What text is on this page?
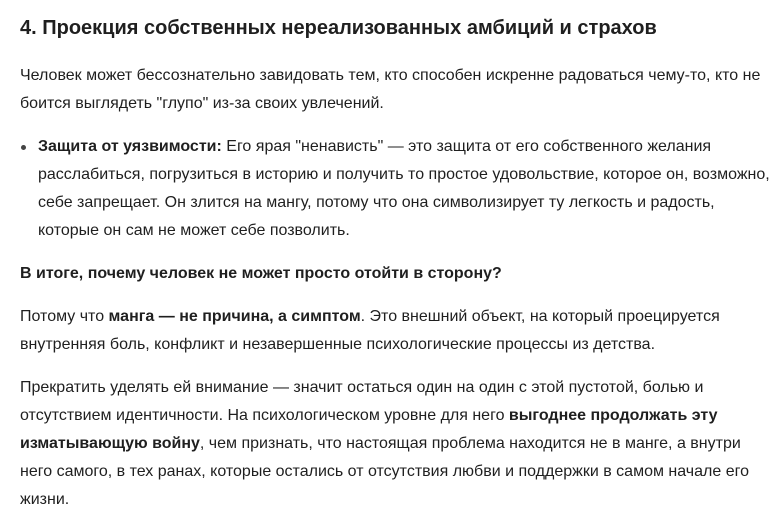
4. Проекция собственных нереализованных амбиций и страхов

Человек может бессознательно завидовать тем, кто способен искренне радоваться чему-то, кто не боится выглядеть "глупо" из-за своих увлечений.

Защита от уязвимости: Его ярая "ненависть" — это защита от его собственного желания расслабиться, погрузиться в историю и получить то простое удовольствие, которое он, возможно, себе запрещает. Он злится на мангу, потому что она символизирует ту легкость и радость, которые он сам не может себе позволить.

В итоге, почему человек не может просто отойти в сторону?

Потому что манга — не причина, а симптом. Это внешний объект, на который проецируется внутренняя боль, конфликт и незавершенные психологические процессы из детства.

Прекратить уделять ей внимание — значит остаться один на один с этой пустотой, болью и отсутствием идентичности. На психологическом уровне для него выгоднее продолжать эту изматывающую войну, чем признать, что настоящая проблема находится не в манге, а внутри него самого, в тех ранах, которые остались от отсутствия любви и поддержки в самом начале его жизни.
